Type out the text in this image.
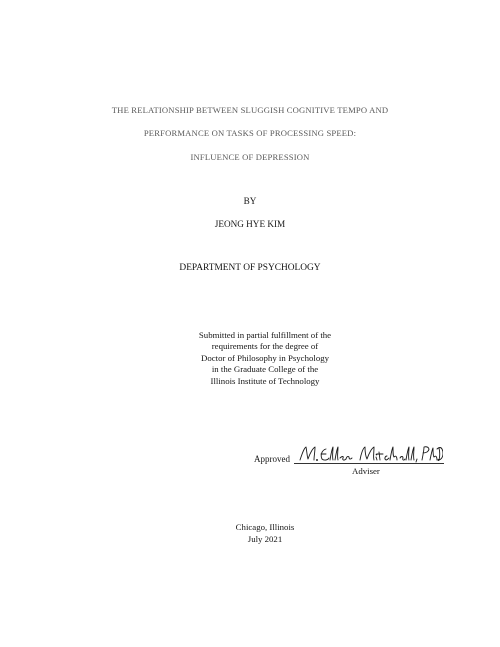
THE RELATIONSHIP BETWEEN SLUGGISH COGNITIVE TEMPO AND
PERFORMANCE ON TASKS OF PROCESSING SPEED:
INFLUENCE OF DEPRESSION
BY
JEONG HYE KIM
DEPARTMENT OF PSYCHOLOGY
Submitted in partial fulfillment of the
requirements for the degree of
Doctor of Philosophy in Psychology
in the Graduate College of the
Illinois Institute of Technology
Approved
Adviser
Chicago, Illinois
July 2021
